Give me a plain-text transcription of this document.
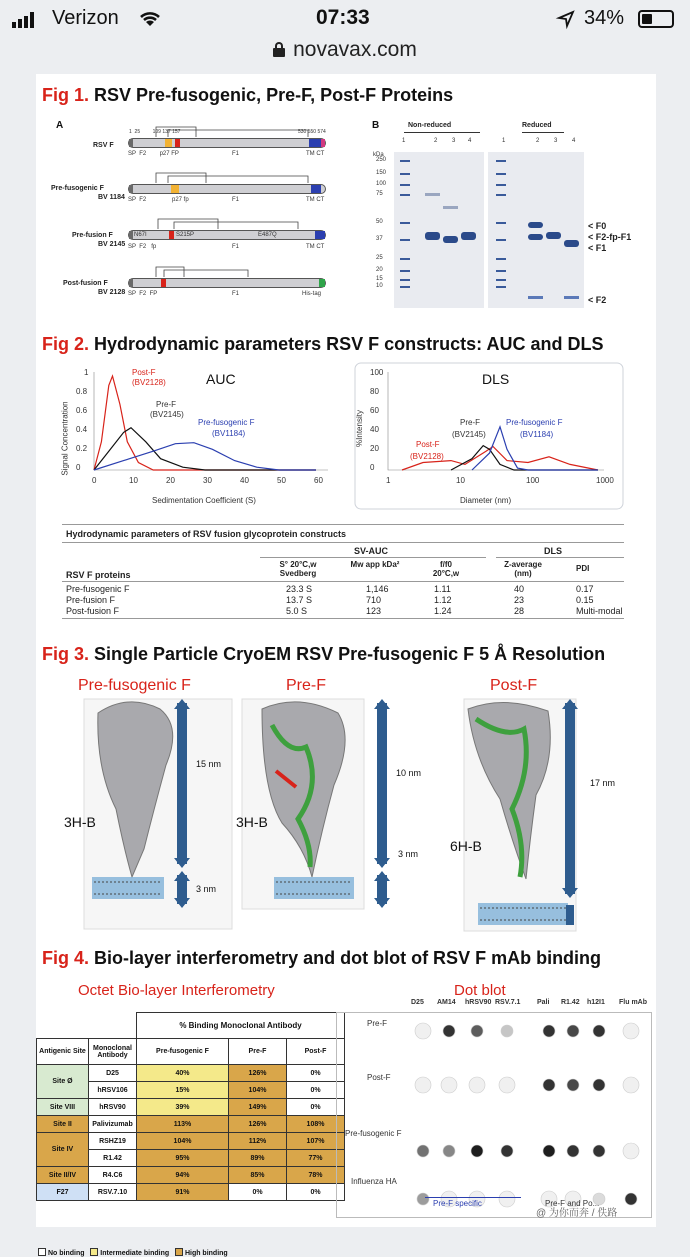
Verizon	07:33	34%
novavax.com
Fig 1. RSV Pre-fusogenic, Pre-F, Post-F Proteins
A	B
RSV F
1  25         109 137 157	530 550 574
SP  F2        p27 FP	F1	TM CT
Pre-fusogenic F
BV 1184 SP  F2	p27 fp	F1	TM CT
Pre-fusion F
BV 2145
N67I	S215P	E487Q
SP  F2   fp	F1	TM CT
Post-fusion F
BV 2128 SP  F2  FP	F1	His-tag
Non-reduced	Reduced
1	2 3 4	1	2 3 4
kDa
250
150
100
75
50
37
25
20
15
10
< F0
< F2-fp-F1
< F1
< F2
Fig 2. Hydrodynamic parameters RSV F constructs: AUC and DLS
AUC
Signal Concentration
Sedimentation Coefficient (S)
1
0.8
0.6
0.4
0.2
0
0	10	20	30	40	50	60
Post-F
(BV2128)
Pre-F
(BV2145)
Pre-fusogenic F
(BV1184)
DLS
%Intensity
Diameter (nm)
100
80
60
40
20
0
1	10	100	1000
Post-F
(BV2128)
Pre-F
(BV2145)
Pre-fusogenic F
(BV1184)
Hydrodynamic parameters of RSV fusion glycoprotein constructs
SV-AUC	DLS
RSV F proteins
S° 20°C,w Svedberg
Mw app kDa²	f/f0 20°C,w
Z-average (nm)
PDI
Pre-fusogenic F	23.3 S	1,146	1.11	40	0.17
Pre-fusion F	13.7 S	710	1.12	23	0.15
Post-fusion F	5.0 S	123	1.24	28	Multi-modal
Fig 3. Single Particle CryoEM RSV Pre-fusogenic F 5 Å Resolution
Pre-fusogenic F	Pre-F	Post-F
15 nm
3 nm
10 nm
3 nm
17 nm
3H-B	3H-B
6H-B
Fig 4. Bio-layer interferometry and dot blot of RSV F mAb binding
Octet Bio-layer Interferometry	Dot blot
		% Binding Monoclonal Antibody		
Antigenic Site	Monoclonal Antibody	Pre-fusogenic F	Pre-F	Post-F
Site Ø	D25	40%	126%	0%
	hRSV106	15%	104%	0%
Site VIII	hRSV90	39%	149%	0%
Site II	Palivizumab	113%	126%	108%
Site IV	RSHZ19	104%	112%	107%
	R1.42	95%	89%	77%
Site II/IV	R4.C6	94%	85%	78%
F27	RSV.7.10	91%	0%	0%
No binding Intermediate binding High binding
D25 AM14 hRSV90 RSV.7.1 Pali R1.42 h12I1 Flu mAb
Pre-F
Post-F
Pre-fusogenic F
Influenza HA
Pre-F specific	Pre-F and Po...
@ 为你而奔 / 佚路
